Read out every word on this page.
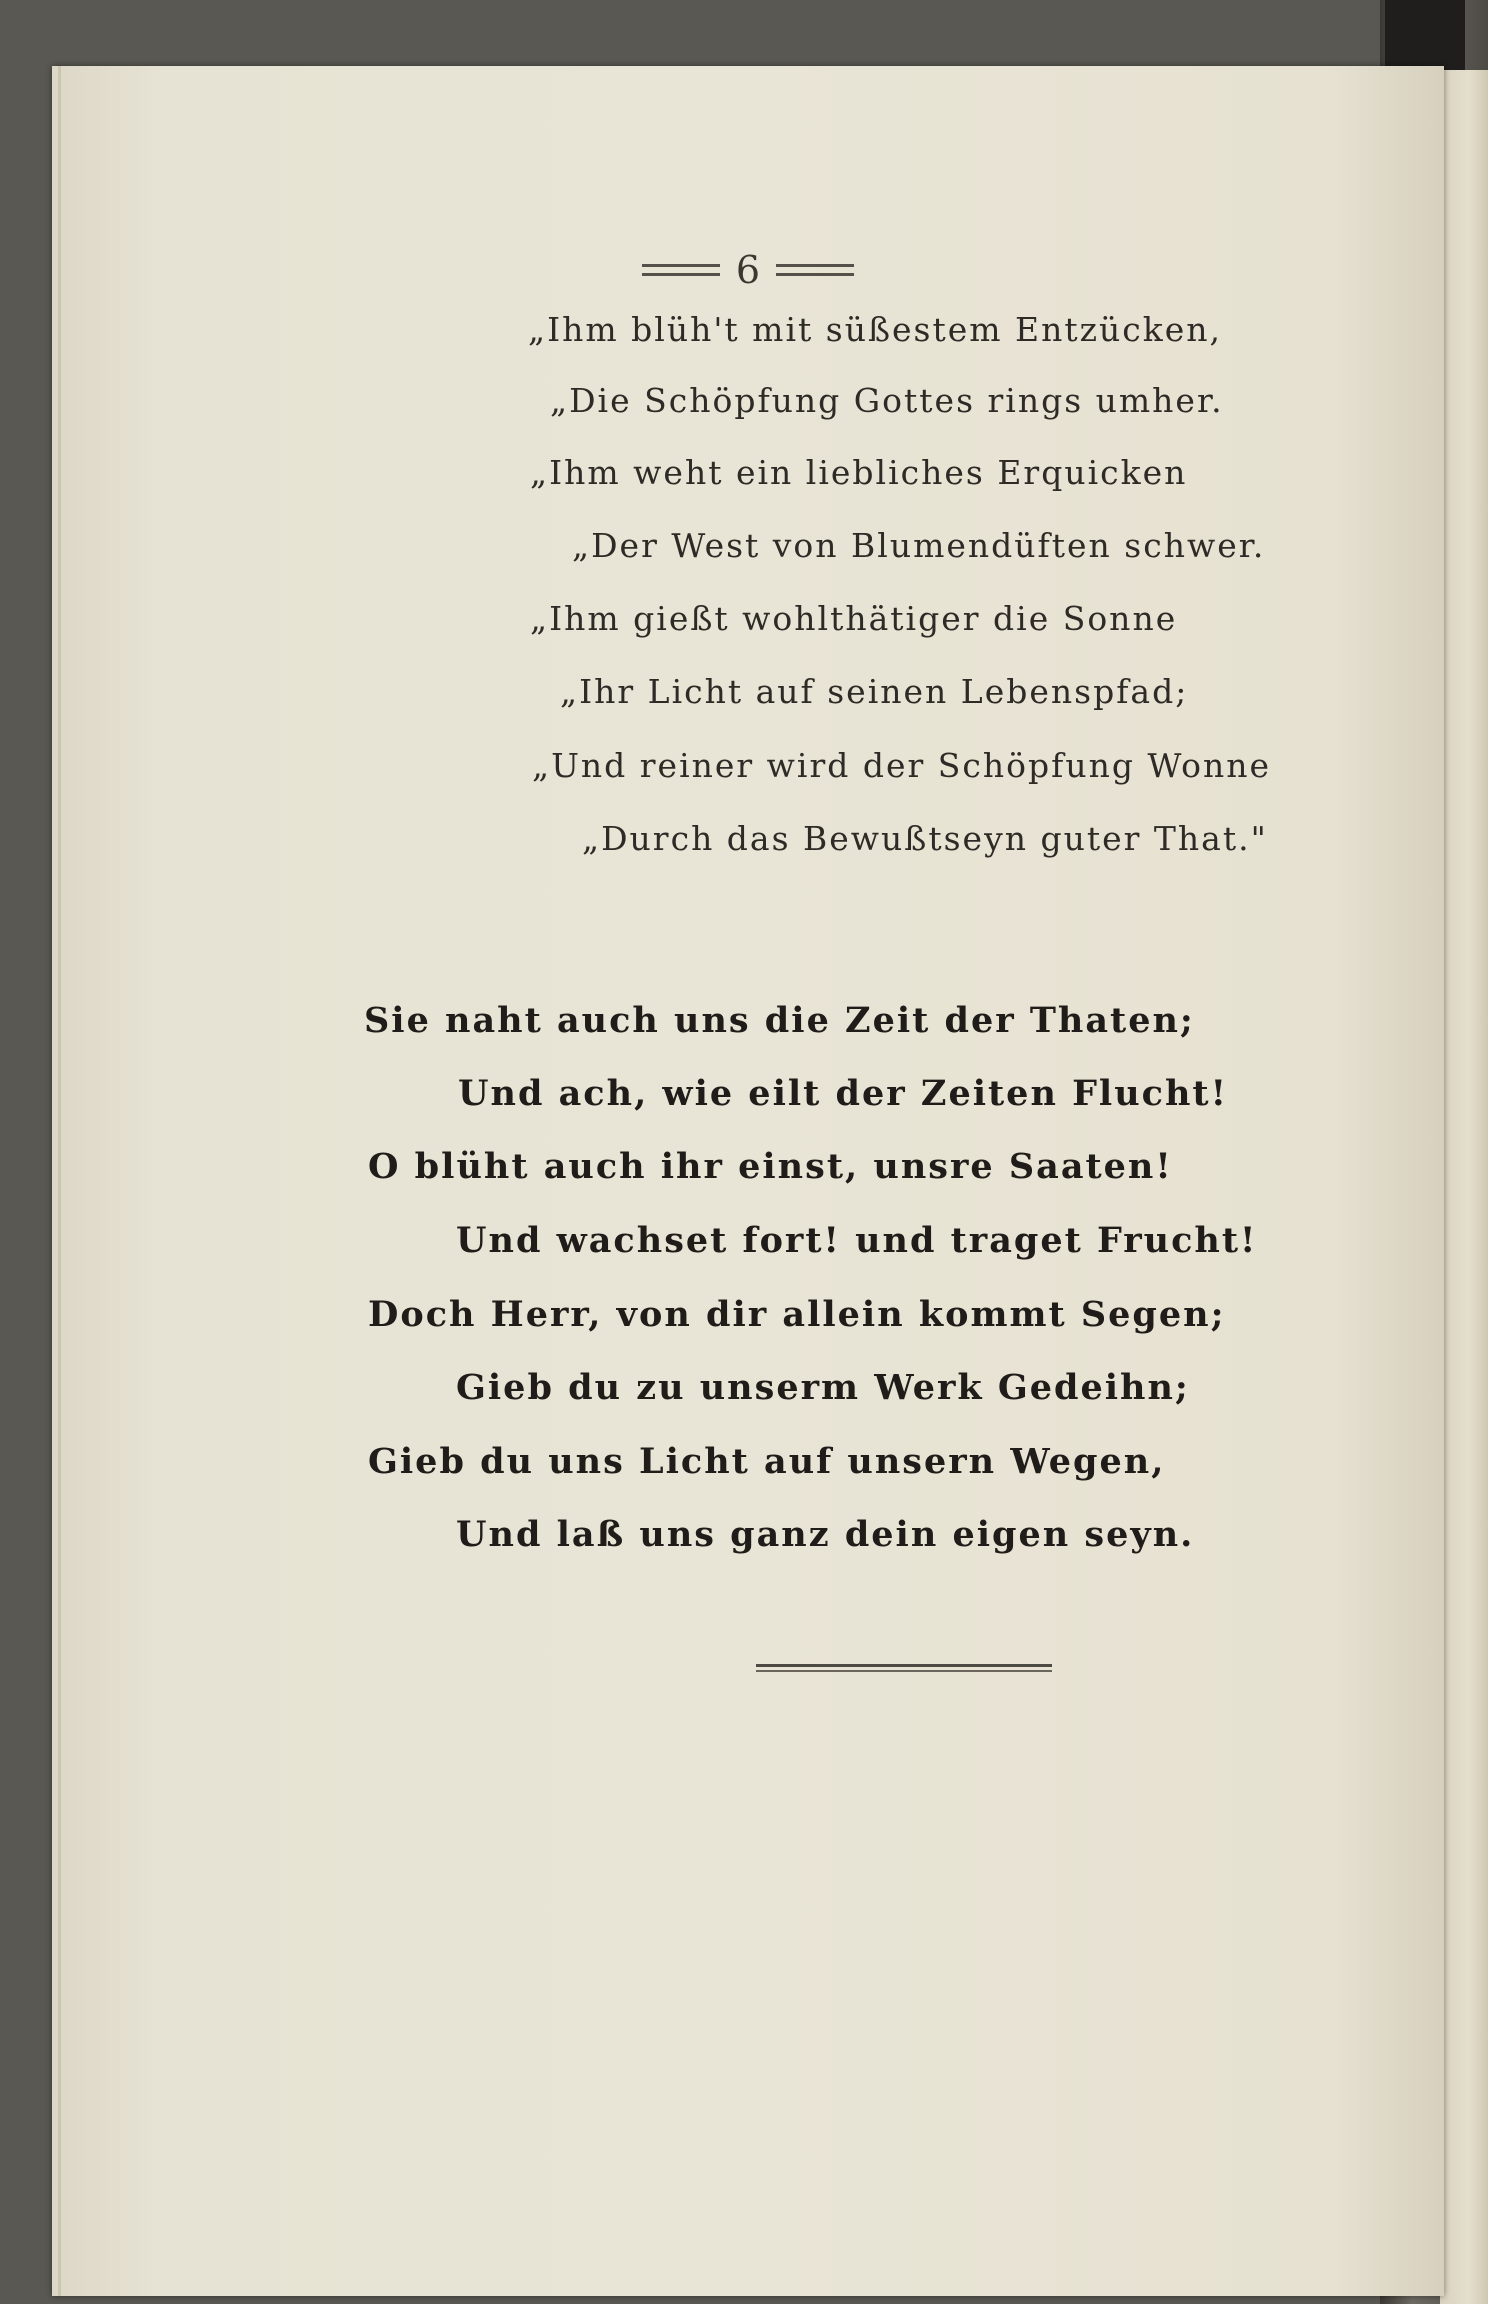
6
„Ihm blüh't mit süßestem Entzücken,
„Die Schöpfung Gottes rings umher.
„Ihm weht ein liebliches Erquicken
„Der West von Blumendüften schwer.
„Ihm gießt wohlthätiger die Sonne
„Ihr Licht auf seinen Lebenspfad;
„Und reiner wird der Schöpfung Wonne
„Durch das Bewußtseyn guter That."
Sie naht auch uns die Zeit der Thaten;
Und ach, wie eilt der Zeiten Flucht!
O blüht auch ihr einst, unsre Saaten!
Und wachset fort! und traget Frucht!
Doch Herr, von dir allein kommt Segen;
Gieb du zu unserm Werk Gedeihn;
Gieb du uns Licht auf unsern Wegen,
Und laß uns ganz dein eigen seyn.
